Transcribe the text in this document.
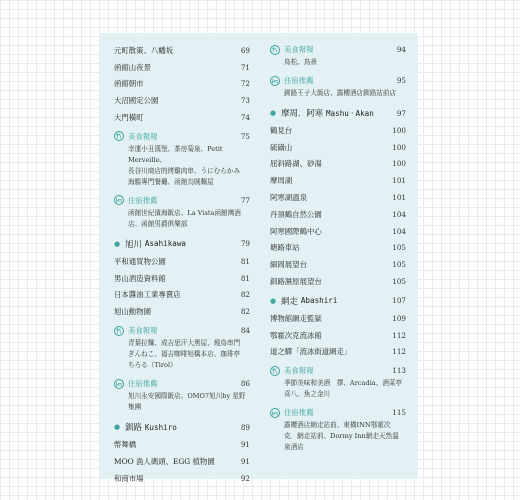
元町散策、八幡坂	69
函館山夜景	71
函館朝市	72
大沼國定公園	73
大門橫町	74
美食報報	75
幸運小丑漢堡、茶房菊泉、Petit Merveille、
長谷川商店的烤雞肉串、うにむらかみ
海膽專門餐廳、函館烏賊麵屋
住宿推薦	77
函館世紀濱海飯店、La Vista函館灣酒
店、函館男爵俱樂部
● 旭川 Asahikawa	79
平和通買物公園	81
男山酒造資料館	81
日本醬油工業專賣店	82
旭山動物園	82
美食報報	84
青葉拉麵、成吉思汗大黑屋、燒鳥串門
ぎんねこ、福吉咖啡旭橋本店、珈琲亭
ちろる（Tirol）
住宿推薦	86
旭川永安國際飯店、OMO7旭川by 星野
集團
● 釧路 Kushiro	89
幣舞橋	91
MOO 漁人碼頭、EGG 植物園	91
和商市場	92
美食報報	94
鳥松、鳥善
住宿推薦	95
釧路王子大飯店、露櫻酒店釧路站前店
● 摩周．阿寒 Mashu · Akan	97
鶴見台	100
硫磺山	100
屈斜路湖、砂湯	100
摩周湖	101
阿寒湖溫泉	101
丹頂鶴自然公園	104
阿寒國際鶴中心	104
塘路車站	105
細岡展望台	105
釧路濕原展望台	105
● 網走 Abashiri	107
博物館網走監獄	109
鄂霍次克流冰館	112
道之驛「流冰街道網走」	112
美食報報	113
季節美味和美酒　擇、Arcadia、酒菜亭
喜八、魚之金川
住宿推薦	115
露櫻酒店網走站前、東橫INN鄂霍次
克．網走站前、Dormy Inn網走天然溫
泉酒店
